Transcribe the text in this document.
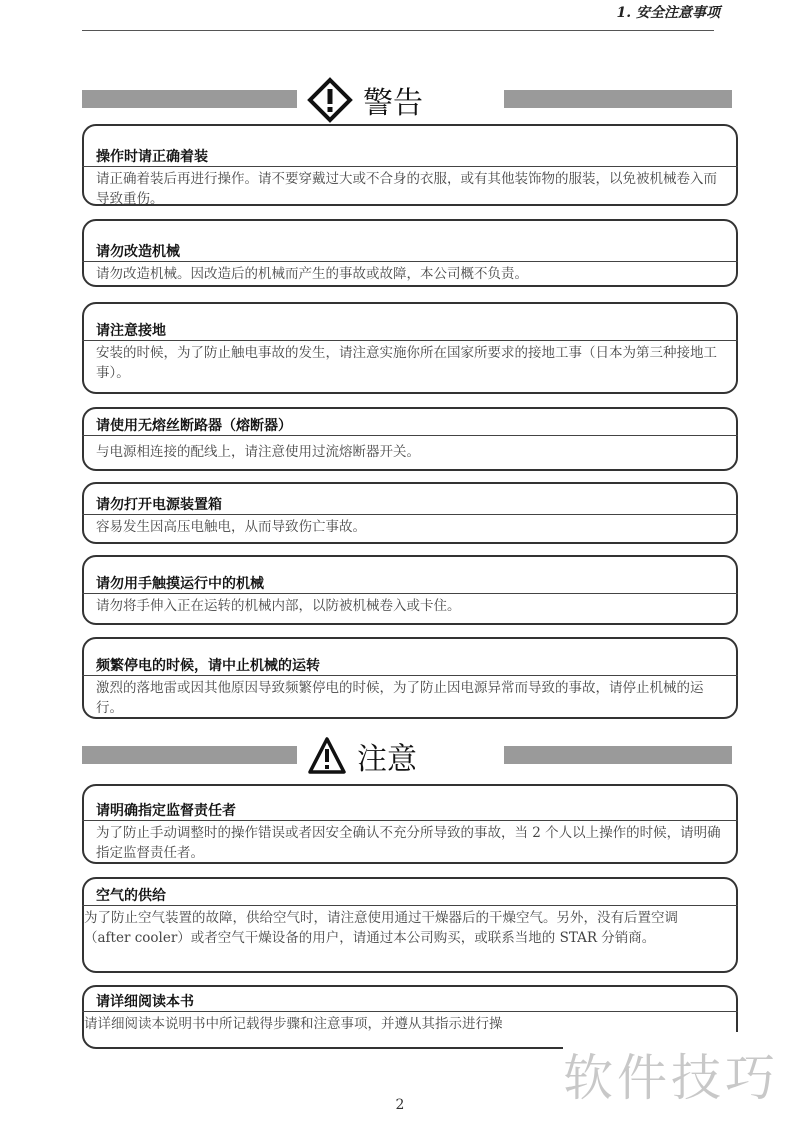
1. 安全注意事项
警告
操作时请正确着装
请正确着装后再进行操作。请不要穿戴过大或不合身的衣服，或有其他装饰物的服装，以免被机械卷入而导致重伤。
请勿改造机械
请勿改造机械。因改造后的机械而产生的事故或故障，本公司概不负责。
请注意接地
安装的时候，为了防止触电事故的发生，请注意实施你所在国家所要求的接地工事（日本为第三种接地工事）。
请使用无熔丝断路器（熔断器）
与电源相连接的配线上，请注意使用过流熔断器开关。
请勿打开电源装置箱
容易发生因高压电触电，从而导致伤亡事故。
请勿用手触摸运行中的机械
请勿将手伸入正在运转的机械内部，以防被机械卷入或卡住。
频繁停电的时候，请中止机械的运转
激烈的落地雷或因其他原因导致频繁停电的时候，为了防止因电源异常而导致的事故，请停止机械的运行。
注意
请明确指定监督责任者
为了防止手动调整时的操作错误或者因安全确认不充分所导致的事故，当 2 个人以上操作的时候，请明确指定监督责任者。
空气的供给
为了防止空气装置的故障，供给空气时，请注意使用通过干燥器后的干燥空气。另外，没有后置空调（after cooler）或者空气干燥设备的用户，请通过本公司购买，或联系当地的 STAR 分销商。
请详细阅读本书
请详细阅读本说明书中所记载得步骤和注意事项，并遵从其指示进行操
软件技巧
2
